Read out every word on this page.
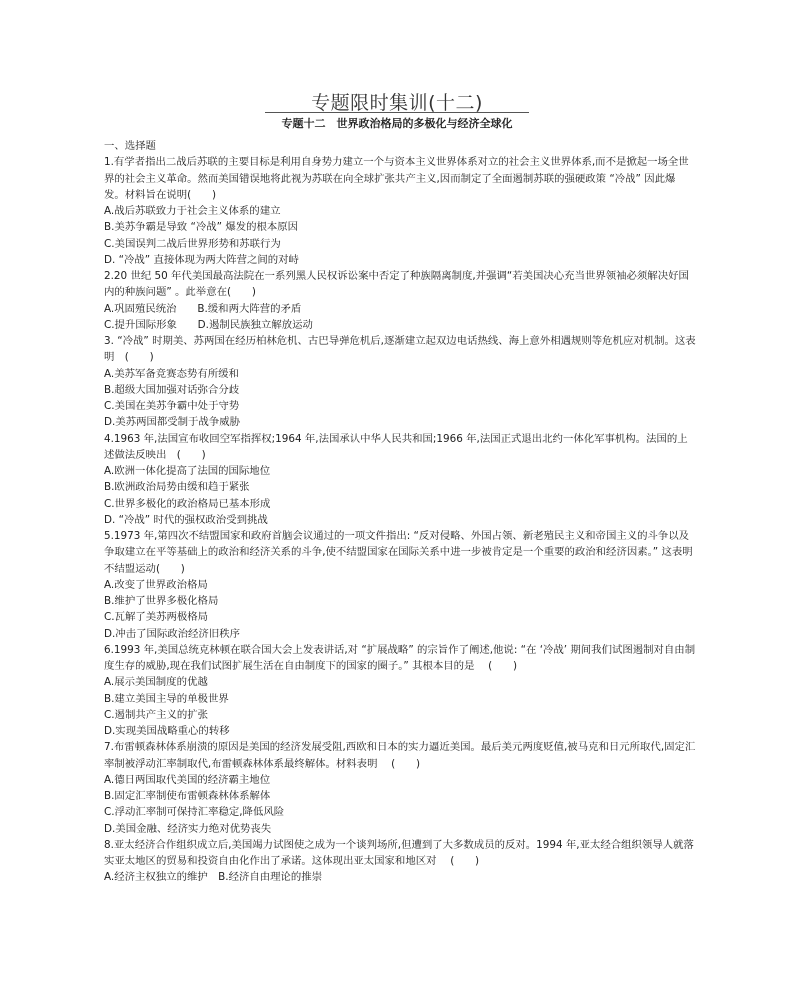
专题限时集训(十二)
专题十二　世界政治格局的多极化与经济全球化

一、选择题

1.有学者指出二战后苏联的主要目标是利用自身势力建立一个与资本主义世界体系对立的社会主义世界体系,而不是掀起一场全世界的社会主义革命。然而美国错误地将此视为苏联在向全球扩张共产主义,因而制定了全面遏制苏联的强硬政策 “冷战” 因此爆发。材料旨在说明(　　)

A.战后苏联致力于社会主义体系的建立

B.美苏争霸是导致 “冷战” 爆发的根本原因

C.美国误判二战后世界形势和苏联行为

D. “冷战” 直接体现为两大阵营之间的对峙

2.20 世纪 50 年代美国最高法院在一系列黑人民权诉讼案中否定了种族隔离制度,并强调“若美国决心充当世界领袖必须解决好国内的种族问题” 。此举意在(　　)

A.巩固殖民统治　　B.缓和两大阵营的矛盾

C.提升国际形象　　D.遏制民族独立解放运动

3. “冷战” 时期美、苏两国在经历柏林危机、古巴导弹危机后,逐渐建立起双边电话热线、海上意外相遇规则等危机应对机制。这表明　(　　)

A.美苏军备竞赛态势有所缓和

B.超级大国加强对话弥合分歧

C.美国在美苏争霸中处于守势

D.美苏两国都受制于战争威胁

4.1963 年,法国宣布收回空军指挥权;1964 年,法国承认中华人民共和国;1966 年,法国正式退出北约一体化军事机构。法国的上述做法反映出　(　　)

A.欧洲一体化提高了法国的国际地位

B.欧洲政治局势由缓和趋于紧张

C.世界多极化的政治格局已基本形成

D. “冷战” 时代的强权政治受到挑战

5.1973 年,第四次不结盟国家和政府首脑会议通过的一项文件指出: “反对侵略、外国占领、新老殖民主义和帝国主义的斗争以及争取建立在平等基础上的政治和经济关系的斗争,使不结盟国家在国际关系中进一步被肯定是一个重要的政治和经济因素。” 这表明不结盟运动(　　)

A.改变了世界政治格局

B.维护了世界多极化格局

C.瓦解了美苏两极格局

D.冲击了国际政治经济旧秩序

6.1993 年,美国总统克林顿在联合国大会上发表讲话,对 “扩展战略” 的宗旨作了阐述,他说: “在 ‘冷战’ 期间我们试图遏制对自由制度生存的威胁,现在我们试图扩展生活在自由制度下的国家的圈子。” 其根本目的是　 (　　)

A.展示美国制度的优越

B.建立美国主导的单极世界

C.遏制共产主义的扩张

D.实现美国战略重心的转移

7.布雷顿森林体系崩溃的原因是美国的经济发展受阻,西欧和日本的实力逼近美国。最后美元两度贬值,被马克和日元所取代,固定汇率制被浮动汇率制取代,布雷顿森林体系最终解体。材料表明　 (　　)

A.德日两国取代美国的经济霸主地位

B.固定汇率制使布雷顿森林体系解体

C.浮动汇率制可保持汇率稳定,降低风险

D.美国金融、经济实力绝对优势丧失

8.亚太经济合作组织成立后,美国竭力试图使之成为一个谈判场所,但遭到了大多数成员的反对。1994 年,亚太经合组织领导人就落实亚太地区的贸易和投资自由化作出了承诺。这体现出亚太国家和地区对　 (　　)

A.经济主权独立的维护　B.经济自由理论的推崇
